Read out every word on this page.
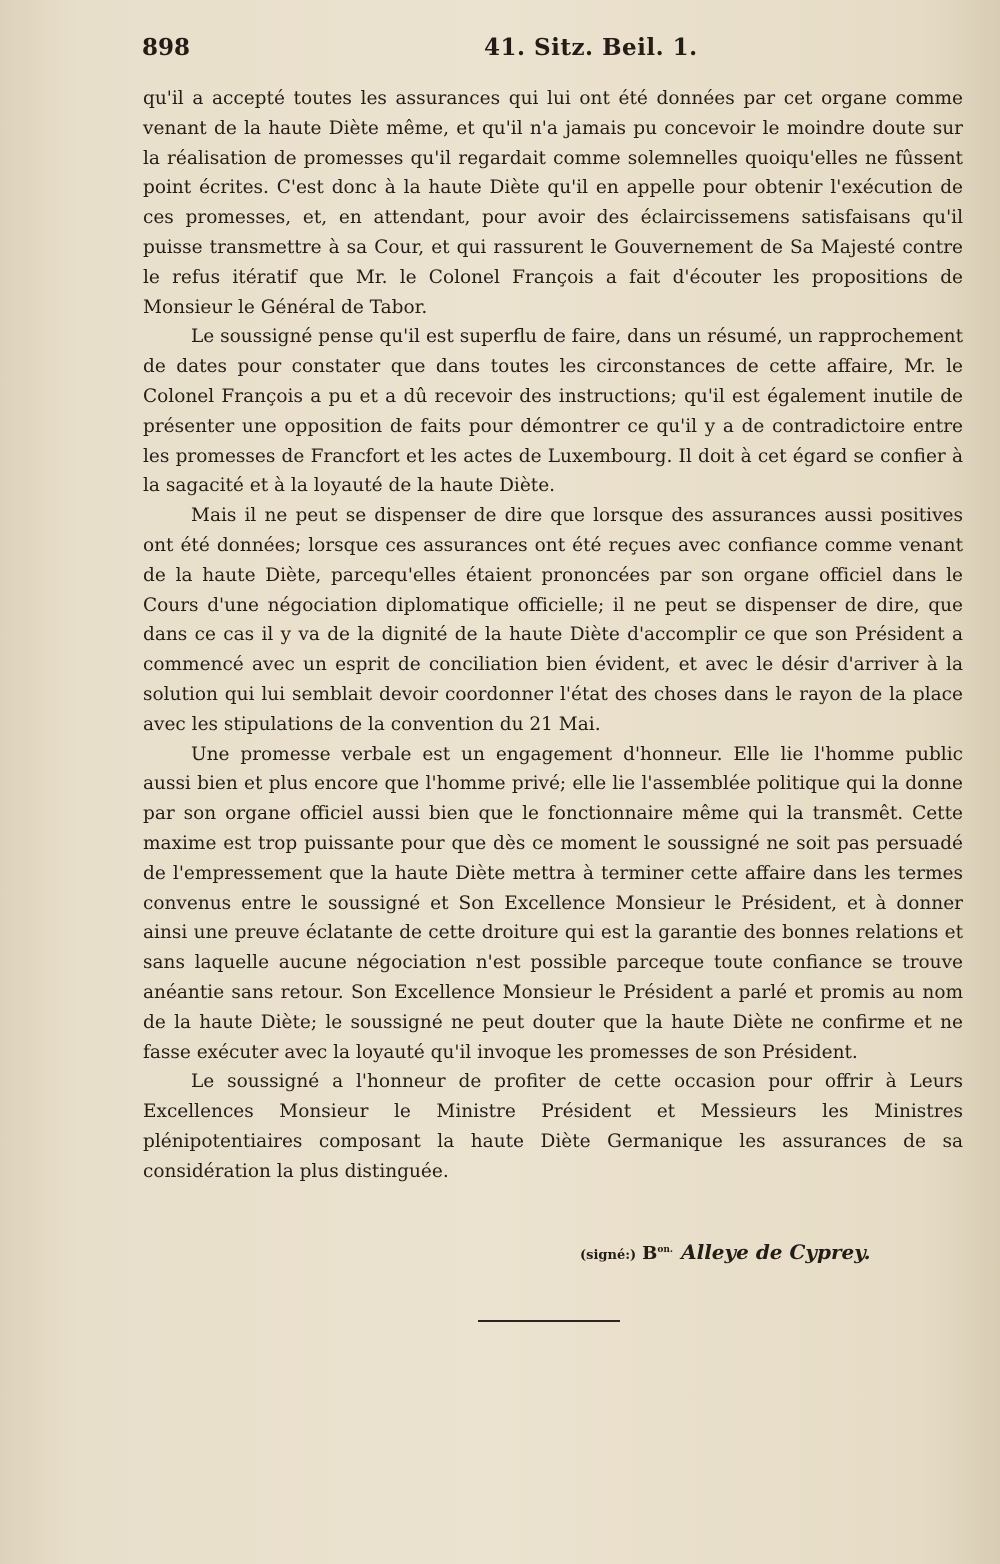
898	41. Sitz. Beil. 1.

qu'il a accepté toutes les assurances qui lui ont été données par cet organe comme venant de la haute Diète même, et qu'il n'a jamais pu concevoir le moindre doute sur la réalisation de promesses qu'il regardait comme solemnelles quoiqu'elles ne fûssent point écrites. C'est donc à la haute Diète qu'il en appelle pour obtenir l'exécution de ces promesses, et, en attendant, pour avoir des éclaircissemens satisfaisans qu'il puisse transmettre à sa Cour, et qui rassurent le Gouvernement de Sa Majesté contre le refus itératif que Mr. le Colonel François a fait d'écouter les propositions de Monsieur le Général de Tabor.

Le soussigné pense qu'il est superflu de faire, dans un résumé, un rapprochement de dates pour constater que dans toutes les circonstances de cette affaire, Mr. le Colonel François a pu et a dû recevoir des instructions; qu'il est également inutile de présenter une opposition de faits pour démontrer ce qu'il y a de contradictoire entre les promesses de Francfort et les actes de Luxembourg. Il doit à cet égard se confier à la sagacité et à la loyauté de la haute Diète.

Mais il ne peut se dispenser de dire que lorsque des assurances aussi positives ont été données; lorsque ces assurances ont été reçues avec confiance comme venant de la haute Diète, parcequ'elles étaient prononcées par son organe officiel dans le Cours d'une négociation diplomatique officielle; il ne peut se dispenser de dire, que dans ce cas il y va de la dignité de la haute Diète d'accomplir ce que son Président a commencé avec un esprit de conciliation bien évident, et avec le désir d'arriver à la solution qui lui semblait devoir coordonner l'état des choses dans le rayon de la place avec les stipulations de la convention du 21 Mai.

Une promesse verbale est un engagement d'honneur. Elle lie l'homme public aussi bien et plus encore que l'homme privé; elle lie l'assemblée politique qui la donne par son organe officiel aussi bien que le fonctionnaire même qui la transmêt. Cette maxime est trop puissante pour que dès ce moment le soussigné ne soit pas persuadé de l'empressement que la haute Diète mettra à terminer cette affaire dans les termes convenus entre le soussigné et Son Excellence Monsieur le Président, et à donner ainsi une preuve éclatante de cette droiture qui est la garantie des bonnes relations et sans laquelle aucune négociation n'est possible parceque toute confiance se trouve anéantie sans retour. Son Excellence Monsieur le Président a parlé et promis au nom de la haute Diète; le soussigné ne peut douter que la haute Diète ne confirme et ne fasse exécuter avec la loyauté qu'il invoque les promesses de son Président.

Le soussigné a l'honneur de profiter de cette occasion pour offrir à Leurs Excellences Monsieur le Ministre Président et Messieurs les Ministres plénipotentiaires composant la haute Diète Germanique les assurances de sa considération la plus distinguée.

(signé:) $B^{on.}$ Alleye de Cyprey.
